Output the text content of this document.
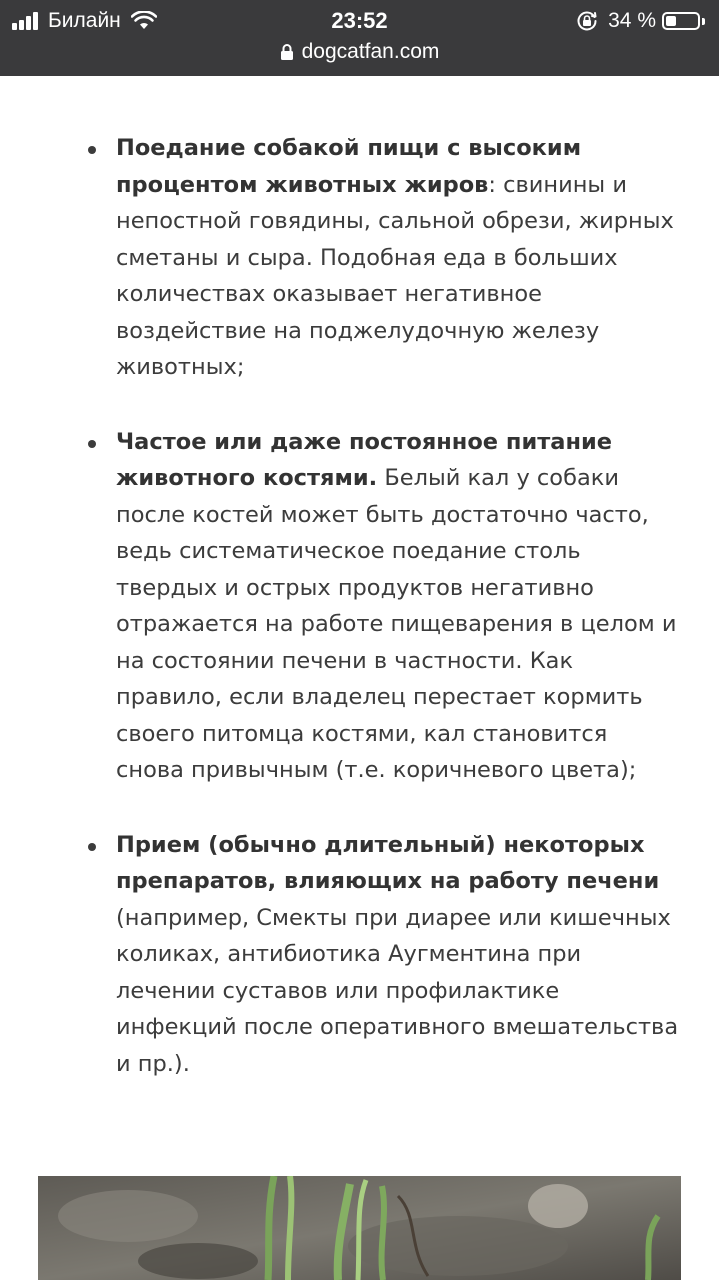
Билайн	23:52	34 %
dogcatfan.com
Поедание собакой пищи с высоким процентом животных жиров: свинины и непостной говядины, сальной обрези, жирных сметаны и сыра. Подобная еда в больших количествах оказывает негативное воздействие на поджелудочную железу животных;
Частое или даже постоянное питание животного костями. Белый кал у собаки после костей может быть достаточно часто, ведь систематическое поедание столь твердых и острых продуктов негативно отражается на работе пищеварения в целом и на состоянии печени в частности. Как правило, если владелец перестает кормить своего питомца костями, кал становится снова привычным (т.е. коричневого цвета);
Прием (обычно длительный) некоторых препаратов, влияющих на работу печени (например, Смекты при диарее или кишечных коликах, антибиотика Аугментина при лечении суставов или профилактике инфекций после оперативного вмешательства и пр.).
